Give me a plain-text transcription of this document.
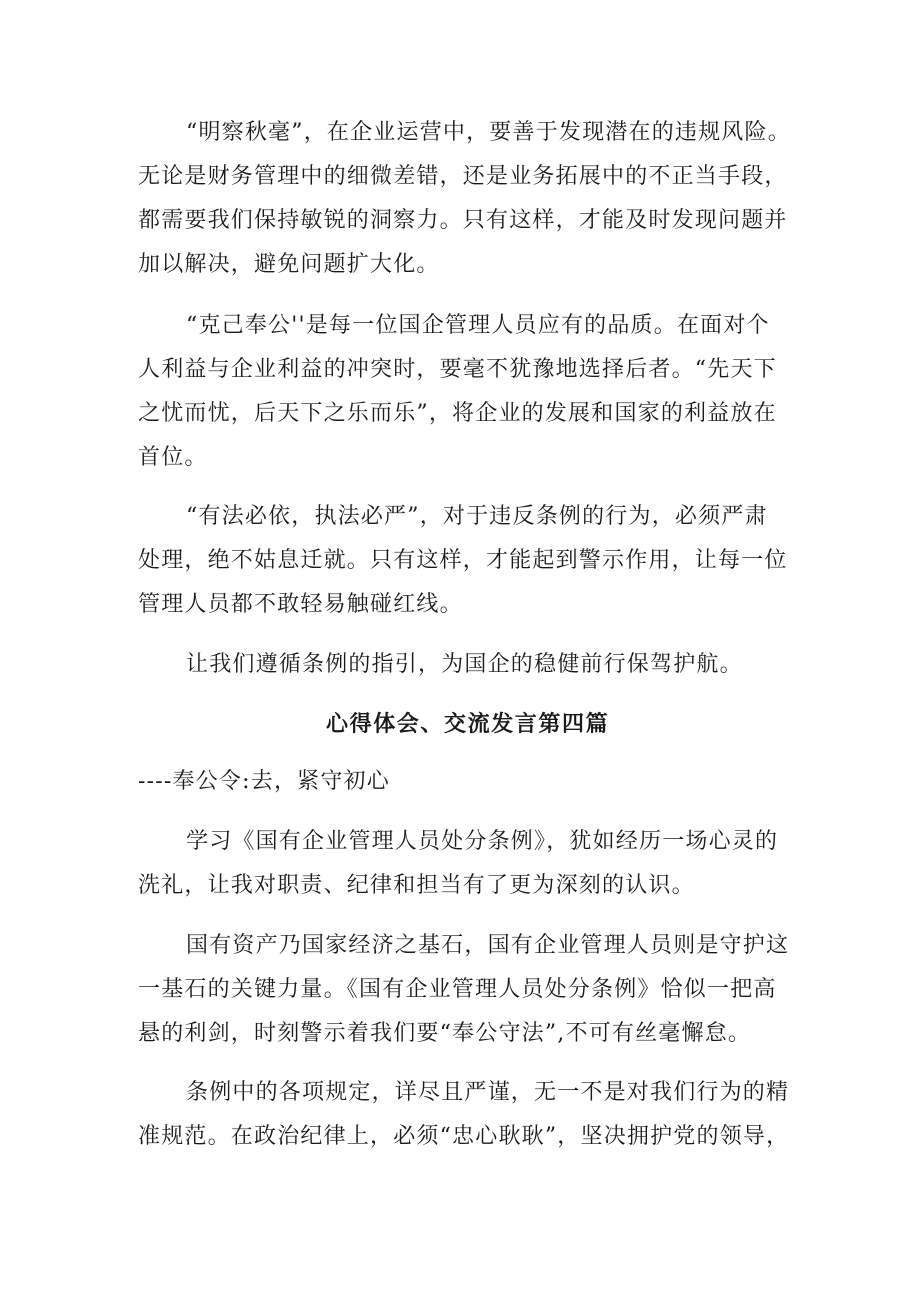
“明察秋毫”，在企业运营中，要善于发现潜在的违规风险。

无论是财务管理中的细微差错，还是业务拓展中的不正当手段，

都需要我们保持敏锐的洞察力。只有这样，才能及时发现问题并

加以解决，避免问题扩大化。

“克己奉公''是每一位国企管理人员应有的品质。在面对个

人利益与企业利益的冲突时，要毫不犹豫地选择后者。“先天下

之忧而忧，后天下之乐而乐”，将企业的发展和国家的利益放在

首位。

“有法必依，执法必严”，对于违反条例的行为，必须严肃

处理，绝不姑息迁就。只有这样，才能起到警示作用，让每一位

管理人员都不敢轻易触碰红线。

让我们遵循条例的指引，为国企的稳健前行保驾护航。

心得体会、交流发言第四篇

----奉公令:去，紧守初心

学习《国有企业管理人员处分条例》，犹如经历一场心灵的

洗礼，让我对职责、纪律和担当有了更为深刻的认识。

国有资产乃国家经济之基石，国有企业管理人员则是守护这

一基石的关键力量。《国有企业管理人员处分条例》恰似一把高

悬的利剑，时刻警示着我们要“奉公守法”,不可有丝毫懈怠。

条例中的各项规定，详尽且严谨，无一不是对我们行为的精

准规范。在政治纪律上，必须“忠心耿耿”，坚决拥护党的领导，
